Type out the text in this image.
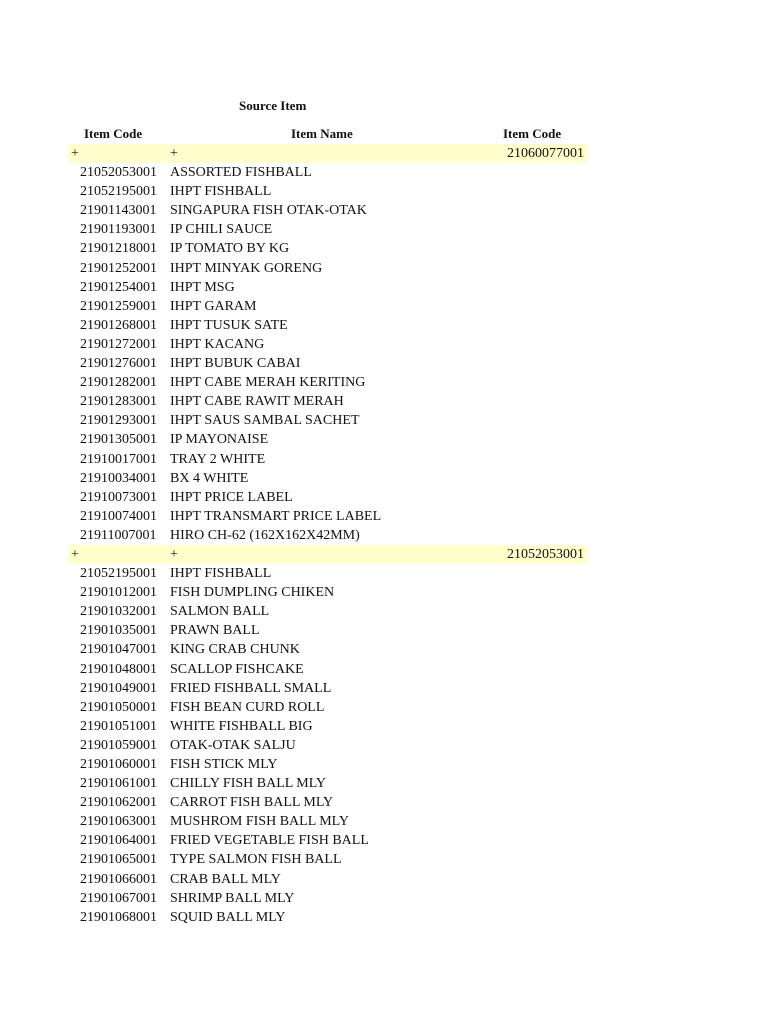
Source Item
Item Code	Item Name	Item Code
+	+	21060077001
21052053001 ASSORTED FISHBALL
21052195001 IHPT FISHBALL
21901143001 SINGAPURA FISH OTAK-OTAK
21901193001 IP CHILI SAUCE
21901218001 IP TOMATO BY KG
21901252001 IHPT MINYAK GORENG
21901254001 IHPT MSG
21901259001 IHPT GARAM
21901268001 IHPT TUSUK SATE
21901272001 IHPT KACANG
21901276001 IHPT BUBUK CABAI
21901282001 IHPT CABE MERAH KERITING
21901283001 IHPT CABE RAWIT MERAH
21901293001 IHPT SAUS SAMBAL SACHET
21901305001 IP MAYONAISE
21910017001 TRAY 2 WHITE
21910034001 BX 4 WHITE
21910073001 IHPT PRICE LABEL
21910074001 IHPT TRANSMART PRICE LABEL
21911007001 HIRO CH-62 (162X162X42MM)
+	+	21052053001
21052195001 IHPT FISHBALL
21901012001 FISH DUMPLING CHIKEN
21901032001 SALMON BALL
21901035001 PRAWN BALL
21901047001 KING CRAB CHUNK
21901048001 SCALLOP FISHCAKE
21901049001 FRIED FISHBALL SMALL
21901050001 FISH BEAN CURD ROLL
21901051001 WHITE FISHBALL BIG
21901059001 OTAK-OTAK SALJU
21901060001 FISH STICK MLY
21901061001 CHILLY FISH BALL MLY
21901062001 CARROT FISH BALL MLY
21901063001 MUSHROM FISH BALL MLY
21901064001 FRIED VEGETABLE FISH BALL
21901065001 TYPE SALMON FISH BALL
21901066001 CRAB BALL MLY
21901067001 SHRIMP BALL MLY
21901068001 SQUID BALL MLY
